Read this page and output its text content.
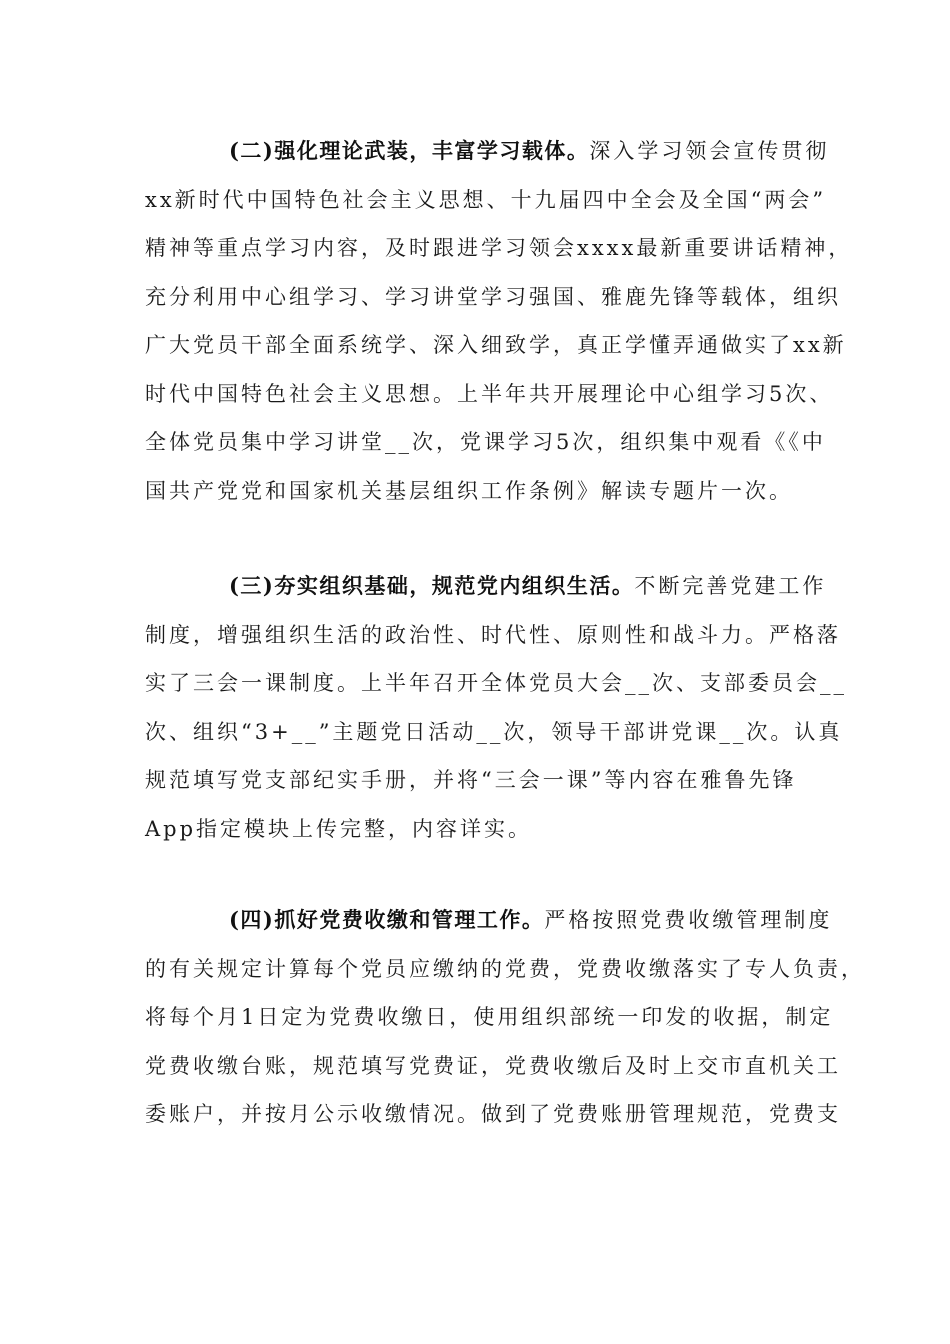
(二)强化理论武装，丰富学习载体。深入学习领会宣传贯彻
xx新时代中国特色社会主义思想、十九届四中全会及全国“两会”
精神等重点学习内容，及时跟进学习领会xxxx最新重要讲话精神，
充分利用中心组学习、学习讲堂学习强国、雅鹿先锋等载体，组织
广大党员干部全面系统学、深入细致学，真正学懂弄通做实了xx新
时代中国特色社会主义思想。上半年共开展理论中心组学习5次、
全体党员集中学习讲堂__次，党课学习5次，组织集中观看《《中
国共产党党和国家机关基层组织工作条例》解读专题片一次。
(三)夯实组织基础，规范党内组织生活。不断完善党建工作
制度，增强组织生活的政治性、时代性、原则性和战斗力。严格落
实了三会一课制度。上半年召开全体党员大会__次、支部委员会__
次、组织“3+__”主题党日活动__次，领导干部讲党课__次。认真
规范填写党支部纪实手册，并将“三会一课”等内容在雅鲁先锋
App指定模块上传完整，内容详实。
(四)抓好党费收缴和管理工作。严格按照党费收缴管理制度
的有关规定计算每个党员应缴纳的党费，党费收缴落实了专人负责，
将每个月1日定为党费收缴日，使用组织部统一印发的收据，制定
党费收缴台账，规范填写党费证，党费收缴后及时上交市直机关工
委账户，并按月公示收缴情况。做到了党费账册管理规范，党费支
